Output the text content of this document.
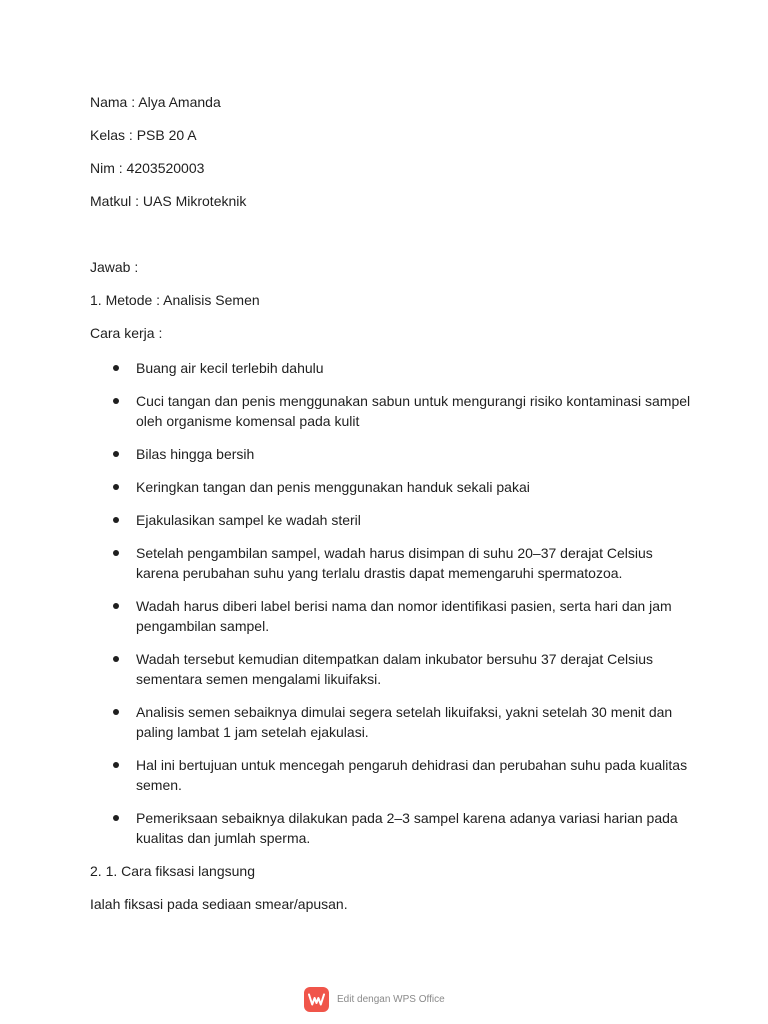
Nama : Alya Amanda

Kelas : PSB 20 A

Nim : 4203520003

Matkul : UAS Mikroteknik

Jawab :

1. Metode : Analisis Semen

Cara kerja :

Buang air kecil terlebih dahulu
Cuci tangan dan penis menggunakan sabun untuk mengurangi risiko kontaminasi sampel oleh organisme komensal pada kulit
Bilas hingga bersih
Keringkan tangan dan penis menggunakan handuk sekali pakai
Ejakulasikan sampel ke wadah steril
Setelah pengambilan sampel, wadah harus disimpan di suhu 20–37 derajat Celsius karena perubahan suhu yang terlalu drastis dapat memengaruhi spermatozoa.
Wadah harus diberi label berisi nama dan nomor identifikasi pasien, serta hari dan jam pengambilan sampel.
Wadah tersebut kemudian ditempatkan dalam inkubator bersuhu 37 derajat Celsius sementara semen mengalami likuifaksi.
Analisis semen sebaiknya dimulai segera setelah likuifaksi, yakni setelah 30 menit dan paling lambat 1 jam setelah ejakulasi.
Hal ini bertujuan untuk mencegah pengaruh dehidrasi dan perubahan suhu pada kualitas semen.
Pemeriksaan sebaiknya dilakukan pada 2–3 sampel karena adanya variasi harian pada kualitas dan jumlah sperma.

2. 1. Cara fiksasi langsung

Ialah fiksasi pada sediaan smear/apusan.

Edit dengan WPS Office
